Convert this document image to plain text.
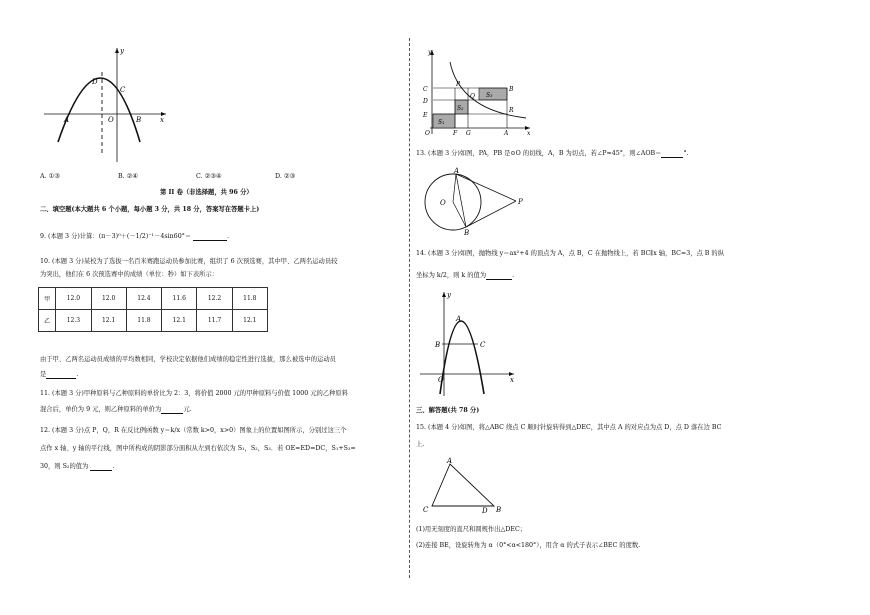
y
D
C
A	O	B	x
A. ①③	B. ②④	C. ②③④	D. ②③
第 II 卷（非选择题，共 96 分）
二、填空题(本大题共 6 个小题，每小题 3 分，共 18 分，答案写在答题卡上)
9. (本题 3 分)计算：(π－3)⁰＋(－1/2)⁻¹－4sin60°＝	.
10. (本题 3 分)某校为了选拔一名百米赛跑运动员参加比赛，组织了 6 次预选赛，其中甲、乙两名运动员较
为突出，他们在 6 次预选赛中的成绩（单位：秒）如下表所示：
甲	12.0	12.0	12.4	11.6	12.2	11.8
乙	12.3	12.1	11.8	12.1	11.7	12.1
由于甲、乙两名运动员成绩的平均数相同，学校决定依据他们成绩的稳定性进行选拔，那么被选中的运动员
是	.
11. (本题 3 分)甲种原料与乙种原料的单价比为 2：3，将价值 2000 元的甲种原料与价值 1000 元的乙种原料
混合后，单价为 9 元，则乙种原料的单价为	元.
12. (本题 3 分)点 P，Q，R 在反比例函数 y＝k/x（常数 k>0，x>0）图象上的位置如图所示，分别过这三个
点作 x 轴、y 轴的平行线，图中所构成的阴影部分面积从左到右依次为 S₁，S₂，S₃．若 OE=ED=DC，S₁+S₃=
30，则 S₂的值为	.
y
C
D
E
O	F G	A
P
Q
B
R
x
S₁
S₂
S₃
13. (本题 3 分)如图，PA，PB 是⊙O 的切线，A，B 为切点，若∠P=45°，则∠AOB＝	°.
A
O
B
P
14. (本题 3 分)如图，抛物线 y＝ax²+4 的顶点为 A，点 B，C 在抛物线上，若 BC∥x 轴，BC=3，点 B 的纵
坐标为 k/2，则 k 的值为	.
y
A
B	C
O	x
三、解答题(共 78 分)
15. (本题 4 分)如图，将△ABC 绕点 C 顺时针旋转得到△DEC，其中点 A 的对应点为点 D，点 D 落在边 BC
上.
A
C	D B
(1)用无刻度的直尺和圆规作出△DEC；
(2)连接 BE，设旋转角为 α（0°<α<180°），用含 α 的式子表示∠BEC 的度数.
